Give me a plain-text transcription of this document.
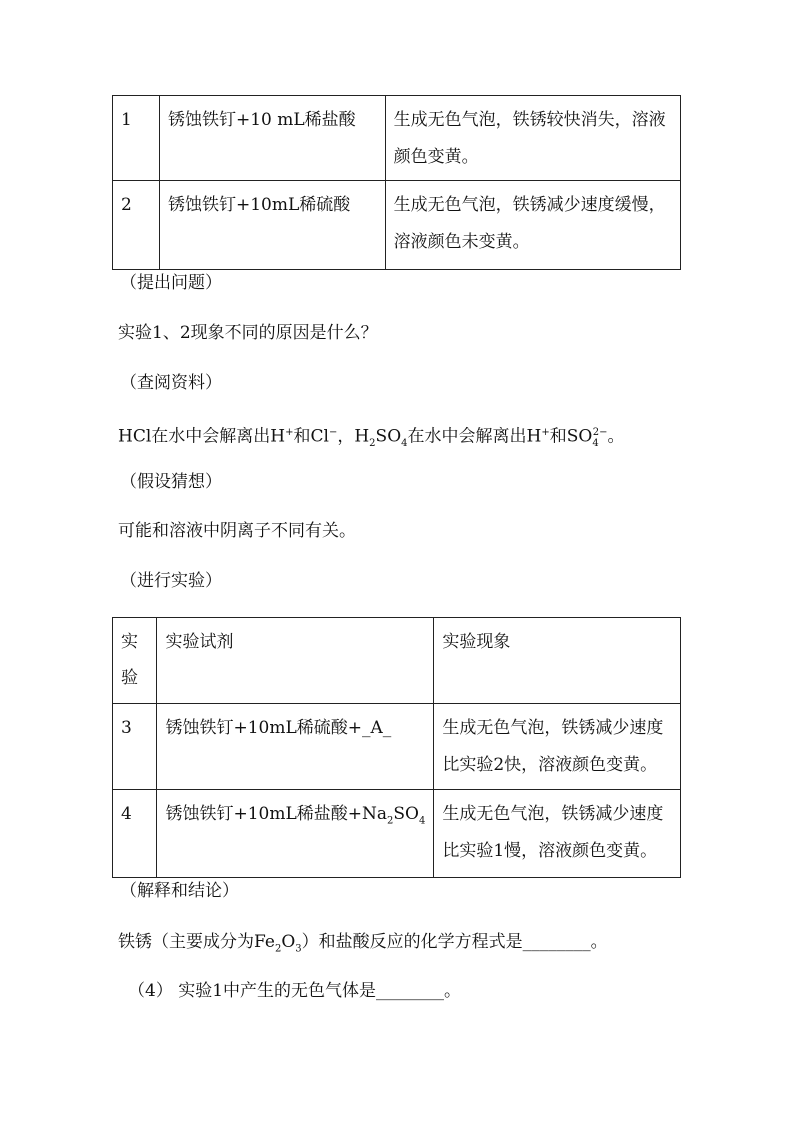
1	锈蚀铁钉+10 mL稀盐酸	生成无色气泡，铁锈较快消失，溶液颜色变黄。
2	锈蚀铁钉+10mL稀硫酸	生成无色气泡，铁锈减少速度缓慢，溶液颜色未变黄。
（提出问题）
实验1、2现象不同的原因是什么？
（查阅资料）
HCl在水中会解离出H+和Cl−，$H_2SO_4$在水中会解离出H+和$SO_4^{2-}$。
（假设猜想）
可能和溶液中阴离子不同有关。
（进行实验）
实验	实验试剂	实验现象
3	锈蚀铁钉+10mL稀硫酸+_A_	生成无色气泡，铁锈减少速度比实验2快，溶液颜色变黄。
4	锈蚀铁钉+10mL稀盐酸$+Na_2SO_4$	生成无色气泡，铁锈减少速度比实验1慢，溶液颜色变黄。
（解释和结论）
铁锈（主要成分为$Fe_2O_3$）和盐酸反应的化学方程式是________。
（4） 实验1中产生的无色气体是________。
